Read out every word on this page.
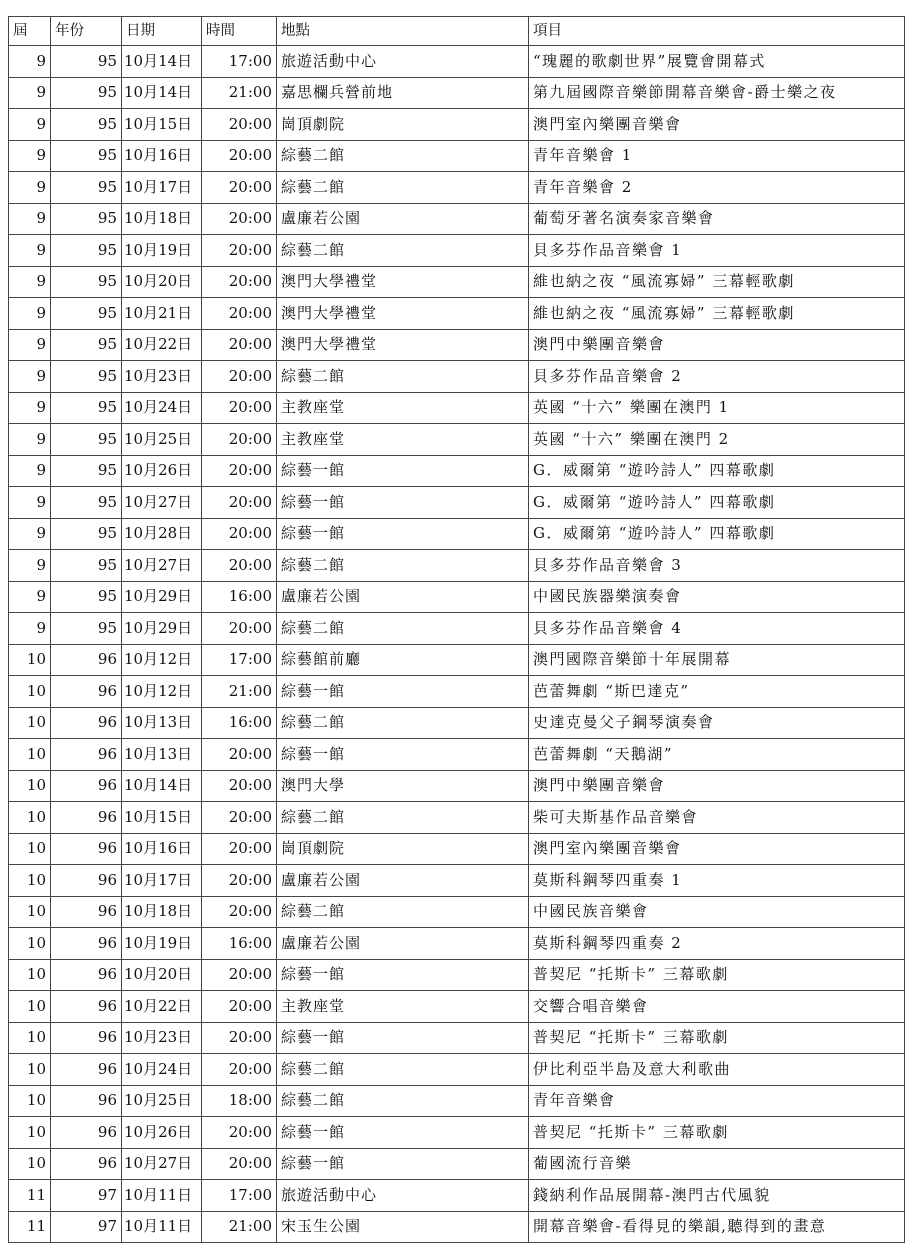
屆	年份	日期	時間	地點	項目
9	95	10月14日	17:00	旅遊活動中心	“瑰麗的歌劇世界”展覽會開幕式
9	95	10月14日	21:00	嘉思欄兵營前地	第九屆國際音樂節開幕音樂會-爵士樂之夜
9	95	10月15日	20:00	崗頂劇院	澳門室內樂團音樂會
9	95	10月16日	20:00	綜藝二館	青年音樂會 1
9	95	10月17日	20:00	綜藝二館	青年音樂會 2
9	95	10月18日	20:00	盧廉若公園	葡萄牙著名演奏家音樂會
9	95	10月19日	20:00	綜藝二館	貝多芬作品音樂會 1
9	95	10月20日	20:00	澳門大學禮堂	維也納之夜 “風流寡婦” 三幕輕歌劇
9	95	10月21日	20:00	澳門大學禮堂	維也納之夜 “風流寡婦” 三幕輕歌劇
9	95	10月22日	20:00	澳門大學禮堂	澳門中樂團音樂會
9	95	10月23日	20:00	綜藝二館	貝多芬作品音樂會 2
9	95	10月24日	20:00	主教座堂	英國 “十六” 樂團在澳門 1
9	95	10月25日	20:00	主教座堂	英國 “十六” 樂團在澳門 2
9	95	10月26日	20:00	綜藝一館	G．威爾第 “遊吟詩人” 四幕歌劇
9	95	10月27日	20:00	綜藝一館	G．威爾第 “遊吟詩人” 四幕歌劇
9	95	10月28日	20:00	綜藝一館	G．威爾第 “遊吟詩人” 四幕歌劇
9	95	10月27日	20:00	綜藝二館	貝多芬作品音樂會 3
9	95	10月29日	16:00	盧廉若公園	中國民族器樂演奏會
9	95	10月29日	20:00	綜藝二館	貝多芬作品音樂會 4
10	96	10月12日	17:00	綜藝館前廳	澳門國際音樂節十年展開幕
10	96	10月12日	21:00	綜藝一館	芭蕾舞劇 “斯巴達克”
10	96	10月13日	16:00	綜藝二館	史達克曼父子鋼琴演奏會
10	96	10月13日	20:00	綜藝一館	芭蕾舞劇 “天鵝湖”
10	96	10月14日	20:00	澳門大學	澳門中樂團音樂會
10	96	10月15日	20:00	綜藝二館	柴可夫斯基作品音樂會
10	96	10月16日	20:00	崗頂劇院	澳門室內樂團音樂會
10	96	10月17日	20:00	盧廉若公園	莫斯科鋼琴四重奏 1
10	96	10月18日	20:00	綜藝二館	中國民族音樂會
10	96	10月19日	16:00	盧廉若公園	莫斯科鋼琴四重奏 2
10	96	10月20日	20:00	綜藝一館	普契尼 “托斯卡” 三幕歌劇
10	96	10月22日	20:00	主教座堂	交響合唱音樂會
10	96	10月23日	20:00	綜藝一館	普契尼 “托斯卡” 三幕歌劇
10	96	10月24日	20:00	綜藝二館	伊比利亞半島及意大利歌曲
10	96	10月25日	18:00	綜藝二館	青年音樂會
10	96	10月26日	20:00	綜藝一館	普契尼 “托斯卡” 三幕歌劇
10	96	10月27日	20:00	綜藝一館	葡國流行音樂
11	97	10月11日	17:00	旅遊活動中心	錢納利作品展開幕-澳門古代風貌
11	97	10月11日	21:00	宋玉生公園	開幕音樂會-看得見的樂韻,聽得到的畫意
